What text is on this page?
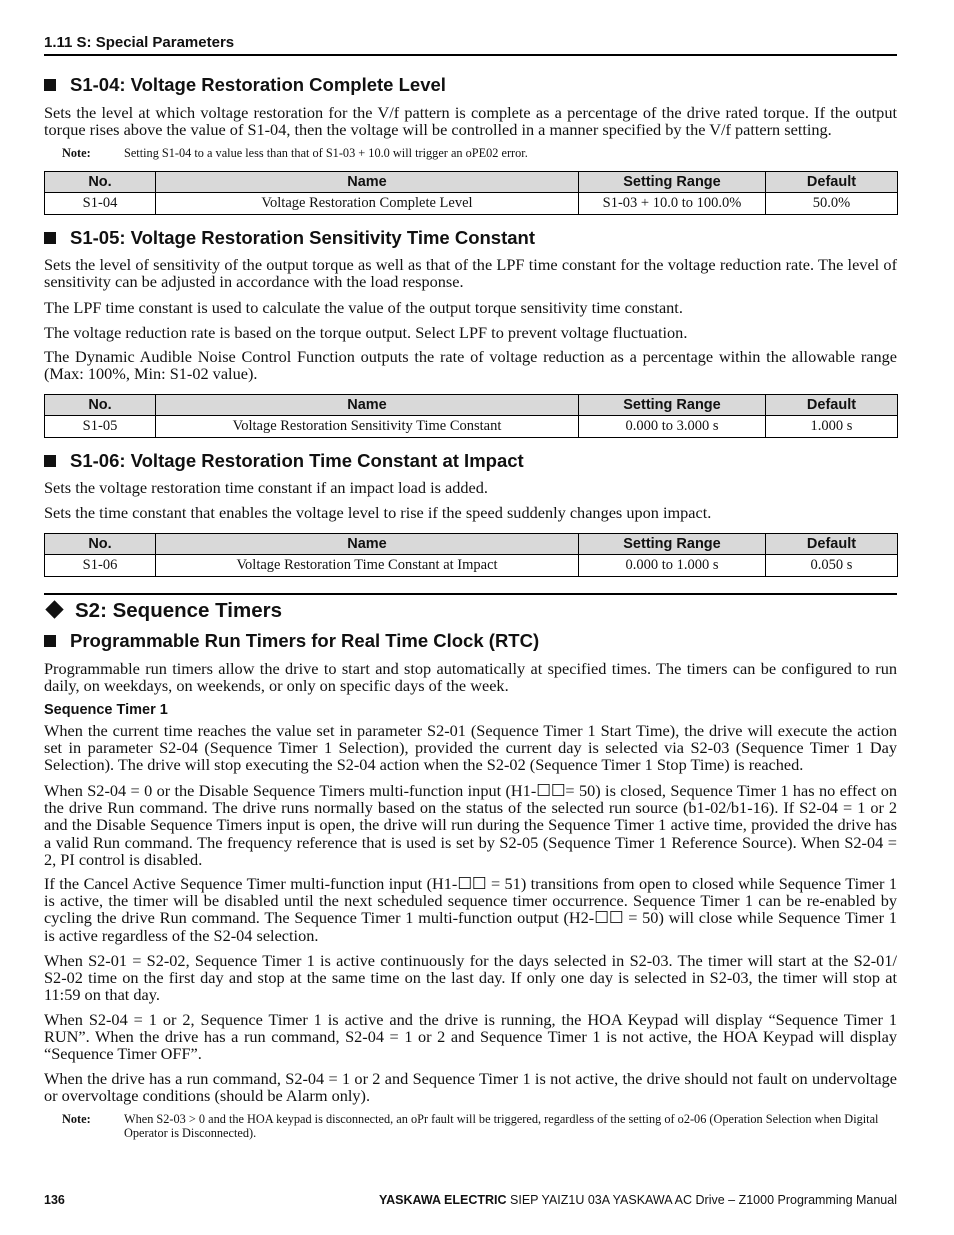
1.11 S: Special Parameters
S1-04: Voltage Restoration Complete Level
Sets the level at which voltage restoration for the V/f pattern is complete as a percentage of the drive rated torque. If the output torque rises above the value of S1-04, then the voltage will be controlled in a manner specified by the V/f pattern setting.
Note:	Setting S1-04 to a value less than that of S1-03 + 10.0 will trigger an oPE02 error.
No.	Name	Setting Range	Default
S1-04	Voltage Restoration Complete Level	S1-03 + 10.0 to 100.0%	50.0%
S1-05: Voltage Restoration Sensitivity Time Constant
Sets the level of sensitivity of the output torque as well as that of the LPF time constant for the voltage reduction rate. The level of sensitivity can be adjusted in accordance with the load response.
The LPF time constant is used to calculate the value of the output torque sensitivity time constant.
The voltage reduction rate is based on the torque output. Select LPF to prevent voltage fluctuation.
The Dynamic Audible Noise Control Function outputs the rate of voltage reduction as a percentage within the allowable range (Max: 100%, Min: S1-02 value).
No.	Name	Setting Range	Default
S1-05	Voltage Restoration Sensitivity Time Constant	0.000 to 3.000 s	1.000 s
S1-06: Voltage Restoration Time Constant at Impact
Sets the voltage restoration time constant if an impact load is added.
Sets the time constant that enables the voltage level to rise if the speed suddenly changes upon impact.
No.	Name	Setting Range	Default
S1-06	Voltage Restoration Time Constant at Impact	0.000 to 1.000 s	0.050 s
S2: Sequence Timers
Programmable Run Timers for Real Time Clock (RTC)
Programmable run timers allow the drive to start and stop automatically at specified times. The timers can be configured to run daily, on weekdays, on weekends, or only on specific days of the week.
Sequence Timer 1
When the current time reaches the value set in parameter S2-01 (Sequence Timer 1 Start Time), the drive will execute the action set in parameter S2-04 (Sequence Timer 1 Selection), provided the current day is selected via S2-03 (Sequence Timer 1 Day Selection). The drive will stop executing the S2-04 action when the S2-02 (Sequence Timer 1 Stop Time) is reached.
When S2-04 = 0 or the Disable Sequence Timers multi-function input (H1-☐☐= 50) is closed, Sequence Timer 1 has no effect on the drive Run command. The drive runs normally based on the status of the selected run source (b1-02/b1-16). If S2-04 = 1 or 2 and the Disable Sequence Timers input is open, the drive will run during the Sequence Timer 1 active time, provided the drive has a valid Run command. The frequency reference that is used is set by S2-05 (Sequence Timer 1 Reference Source). When S2-04 = 2, PI control is disabled.
If the Cancel Active Sequence Timer multi-function input (H1-☐☐ = 51) transitions from open to closed while Sequence Timer 1 is active, the timer will be disabled until the next scheduled sequence timer occurrence. Sequence Timer 1 can be re-enabled by cycling the drive Run command. The Sequence Timer 1 multi-function output (H2-☐☐ = 50) will close while Sequence Timer 1 is active regardless of the S2-04 selection.
When S2-01 = S2-02, Sequence Timer 1 is active continuously for the days selected in S2-03. The timer will start at the S2-01/ S2-02 time on the first day and stop at the same time on the last day. If only one day is selected in S2-03, the timer will stop at 11:59 on that day.
When S2-04 = 1 or 2, Sequence Timer 1 is active and the drive is running, the HOA Keypad will display “Sequence Timer 1 RUN”. When the drive has a run command, S2-04 = 1 or 2 and Sequence Timer 1 is not active, the HOA Keypad will display “Sequence Timer OFF”.
When the drive has a run command, S2-04 = 1 or 2 and Sequence Timer 1 is not active, the drive should not fault on undervoltage or overvoltage conditions (should be Alarm only).
Note:	When S2-03 > 0 and the HOA keypad is disconnected, an oPr fault will be triggered, regardless of the setting of o2-06 (Operation Selection when Digital Operator is Disconnected).
136	YASKAWA ELECTRIC SIEP YAIZ1U 03A YASKAWA AC Drive – Z1000 Programming Manual
